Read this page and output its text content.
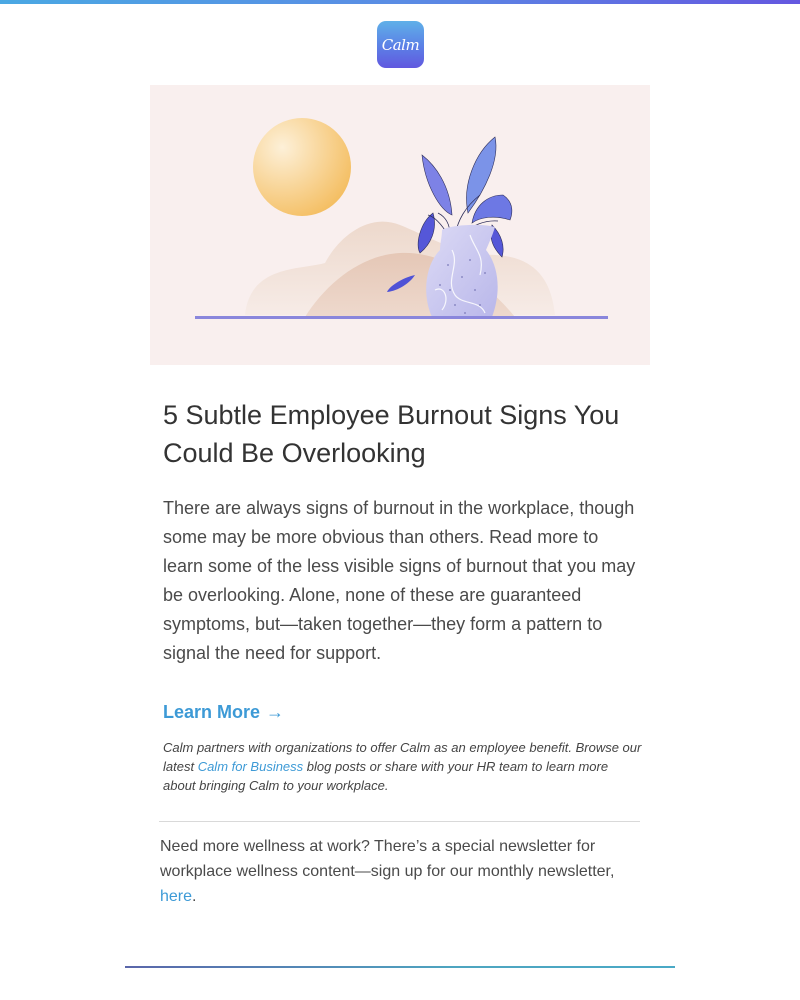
Calm
5 Subtle Employee Burnout Signs You Could Be Overlooking

There are always signs of burnout in the workplace, though some may be more obvious than others. Read more to learn some of the less visible signs of burnout that you may be overlooking. Alone, none of these are guaranteed symptoms, but—taken together—they form a pattern to signal the need for support.

Learn More →

Calm partners with organizations to offer Calm as an employee benefit. Browse our latest Calm for Business blog posts or share with your HR team to learn more about bringing Calm to your workplace.

Need more wellness at work? There’s a special newsletter for workplace wellness content—sign up for our monthly newsletter, here.
